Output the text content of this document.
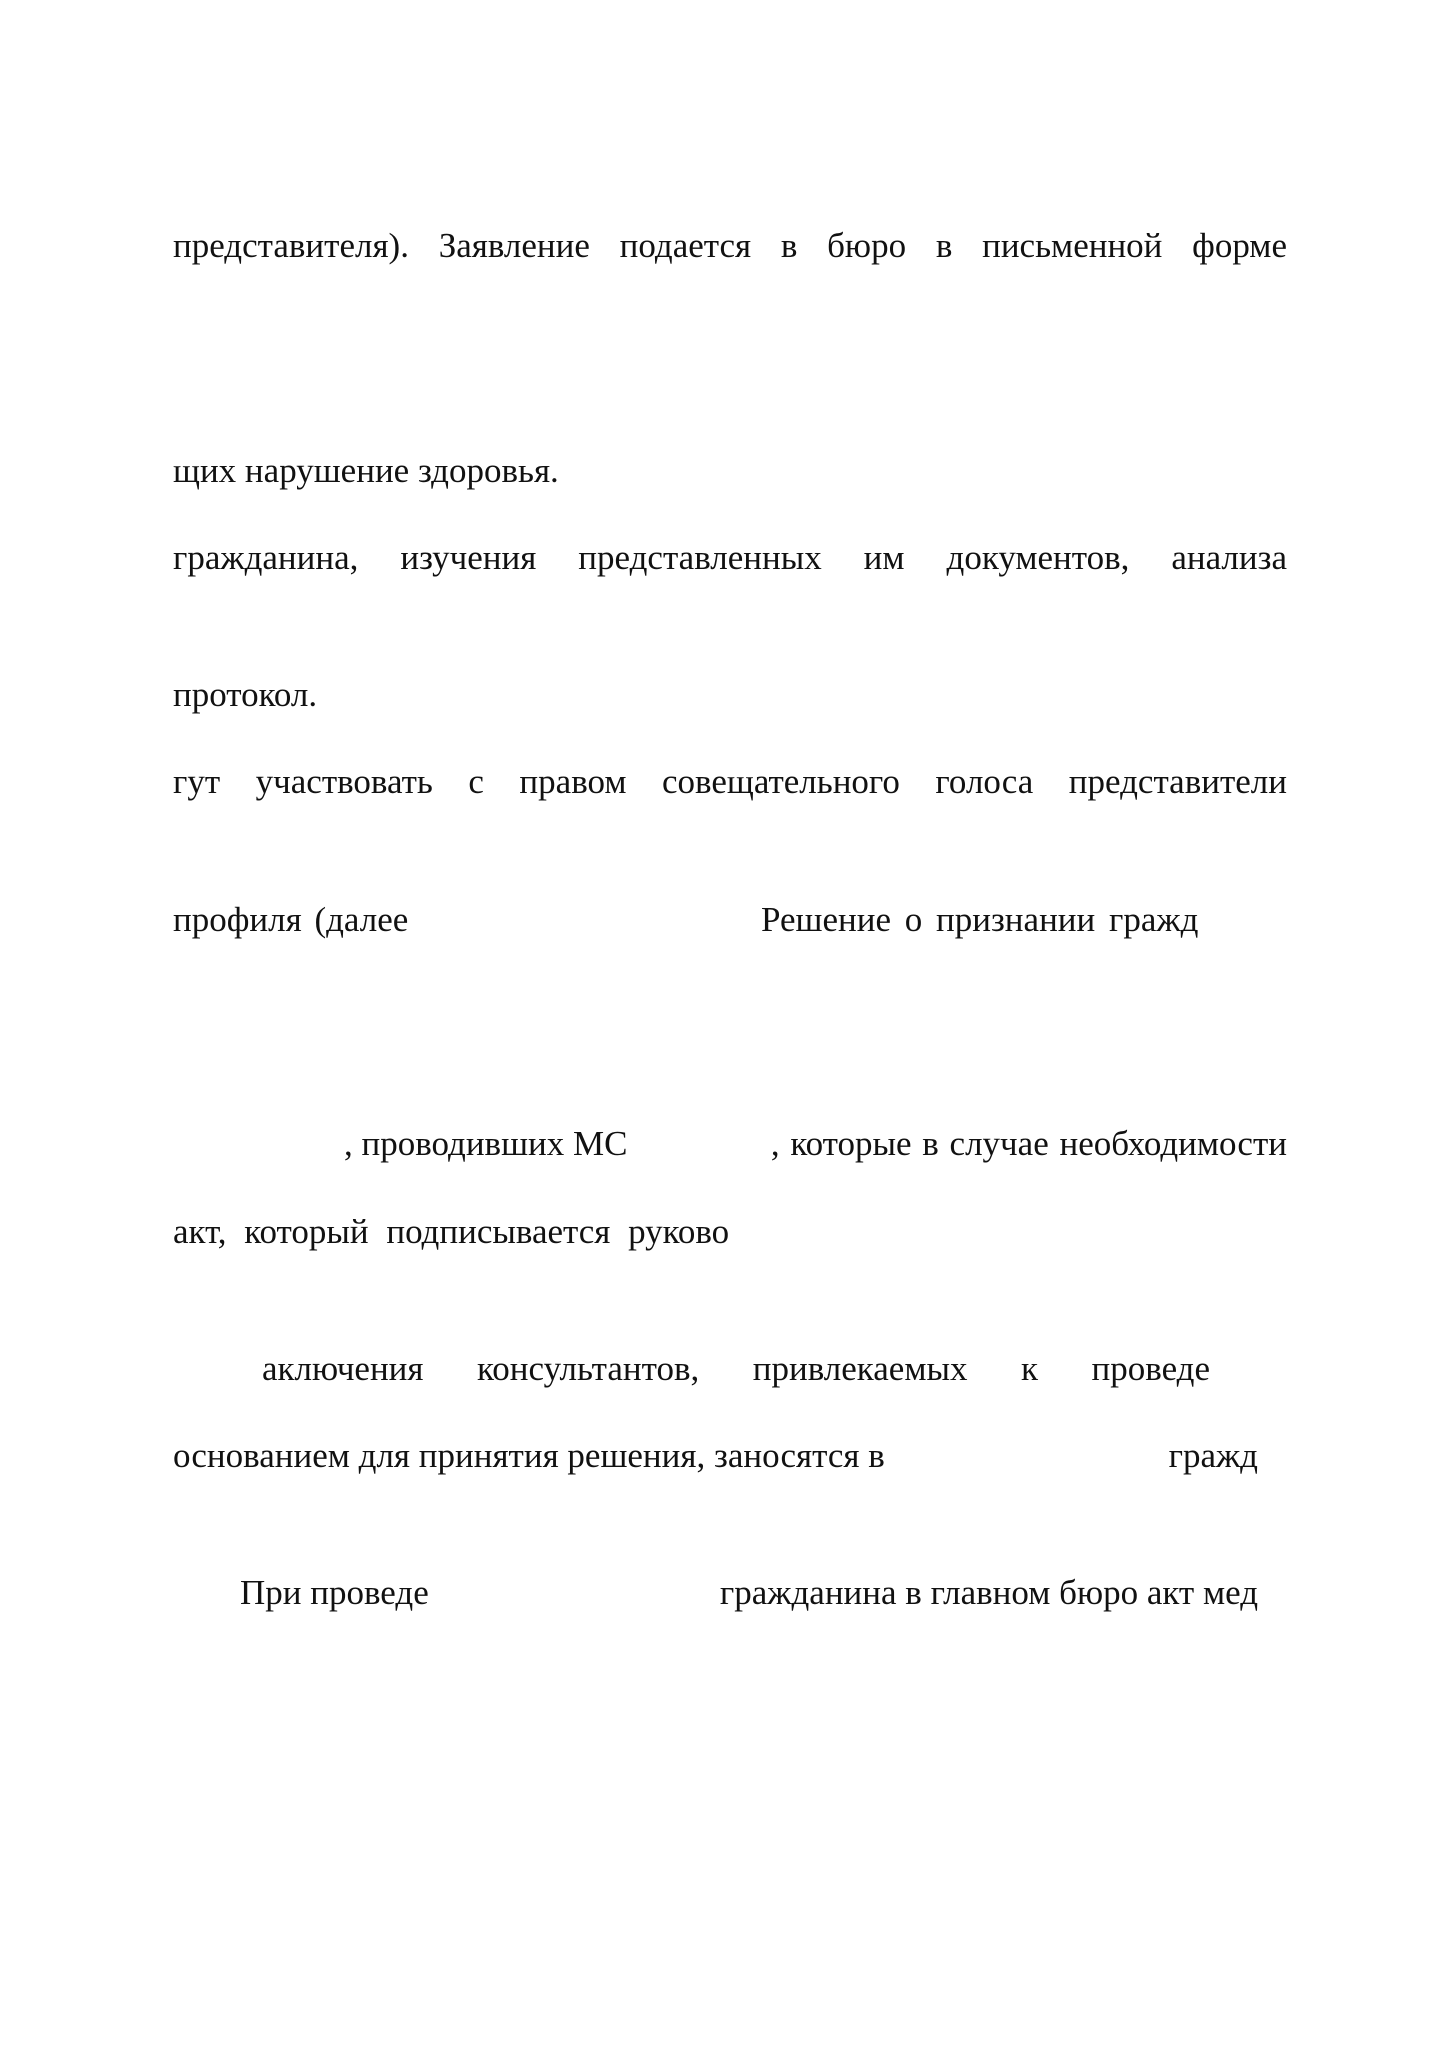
представителя). Заявление подается в бюро в письменной форме
щих нарушение здоровья.
гражданина, изучения представленных им документов, анализа
протокол.
гут участвовать с правом совещательного голоса представители
профиля (далее	Решение о признании гражд
, проводивших МС	, которые в случае необходимости
акт, который подписывается руково
аключения консультантов, привлекаемых к проведе
основанием для принятия решения, заносятся в	гражд
При проведе	гражданина в главном бюро акт мед
